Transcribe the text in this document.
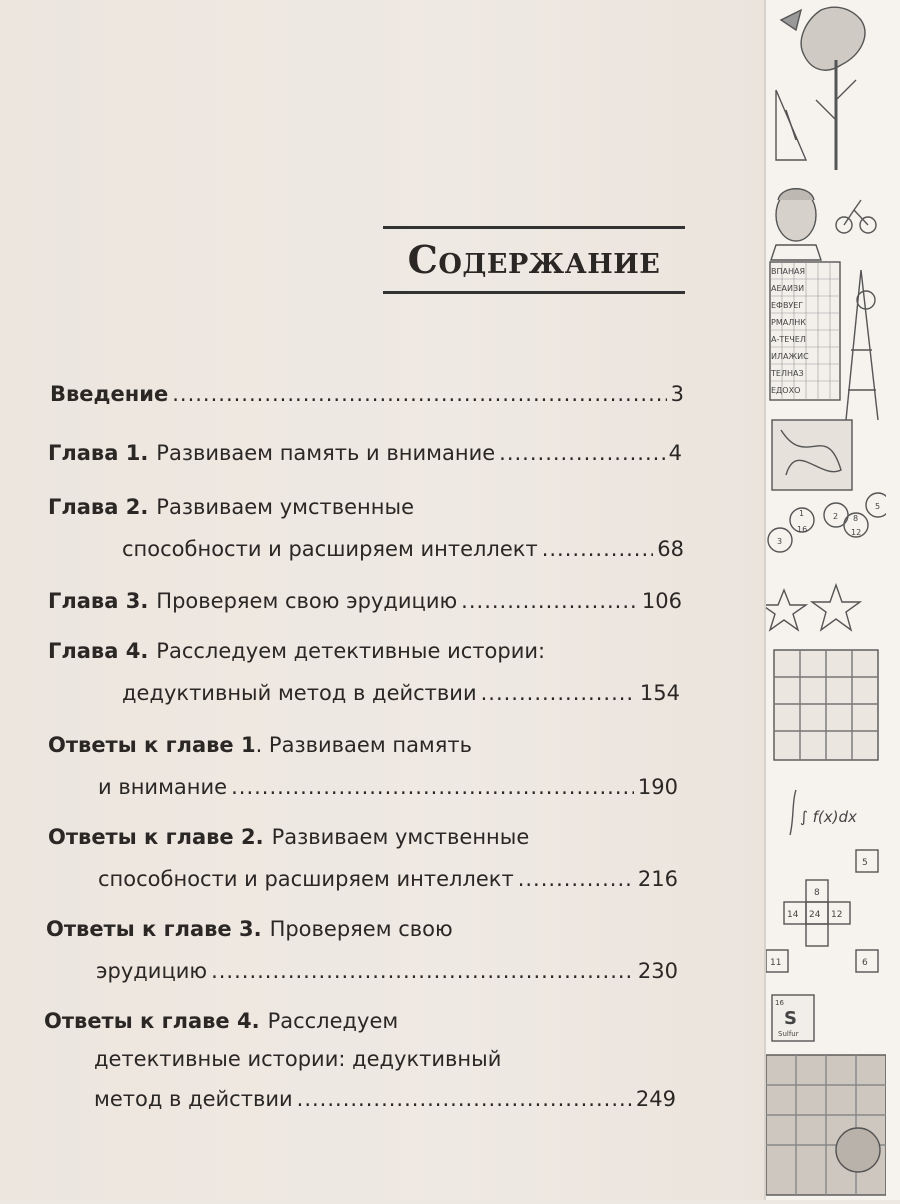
Содержание
Введение .....	3
Глава 1. Развиваем память и внимание .....	4
Глава 2. Развиваем умственные
способности и расширяем интеллект .....	68
Глава 3. Проверяем свою эрудицию .....	106
Глава 4. Расследуем детективные истории:
дедуктивный метод в действии .....	154
Ответы к главе 1 . Развиваем память
и внимание .....	190
Ответы к главе 2. Развиваем умственные
способности и расширяем интеллект .....	216
Ответы к главе 3. Проверяем свою
эрудицию .....	230
Ответы к главе 4. Расследуем
детективные истории: дедуктивный
метод в действии .....	249
ВПАНАЯ
АЕАИЗИ
ЕФВУЕГ
РМАЛНК
А-ТЕЧЕЛ
ИЛАЖИС
ТЕЛНАЗ
ЕДОХО
3
1
16
2 8
5
12
∫ f(x)dx
8
14 24 12
11	6
5
16
S
Sulfur
